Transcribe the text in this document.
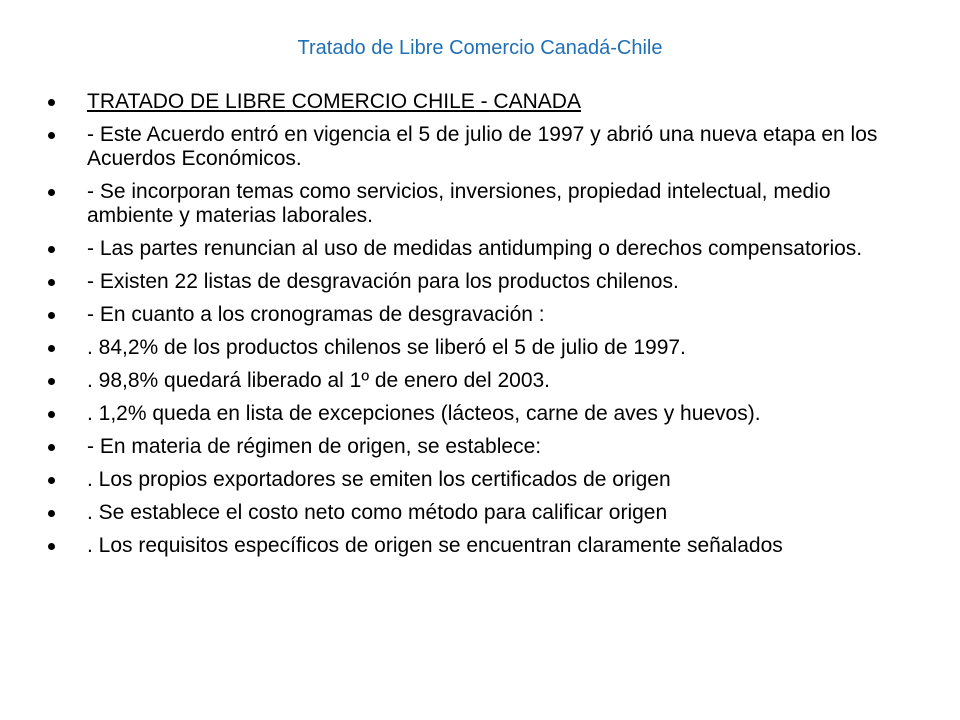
Tratado de Libre Comercio Canadá-Chile
TRATADO DE LIBRE COMERCIO CHILE - CANADA
- Este Acuerdo entró en vigencia el 5 de julio de 1997 y abrió una nueva etapa en los Acuerdos Económicos.
- Se incorporan temas como servicios, inversiones, propiedad intelectual, medio ambiente y materias laborales.
- Las partes renuncian al uso de medidas antidumping o derechos compensatorios.
- Existen 22 listas de desgravación para los productos chilenos.
- En cuanto a los cronogramas de desgravación :
. 84,2% de los productos chilenos se liberó el 5 de julio de 1997.
. 98,8% quedará liberado al 1º de enero del 2003.
. 1,2% queda en lista de excepciones (lácteos, carne de aves y huevos).
- En materia de régimen de origen, se establece:
. Los propios exportadores se emiten los certificados de origen
. Se establece el costo neto como método para calificar origen
. Los requisitos específicos de origen se encuentran claramente señalados
